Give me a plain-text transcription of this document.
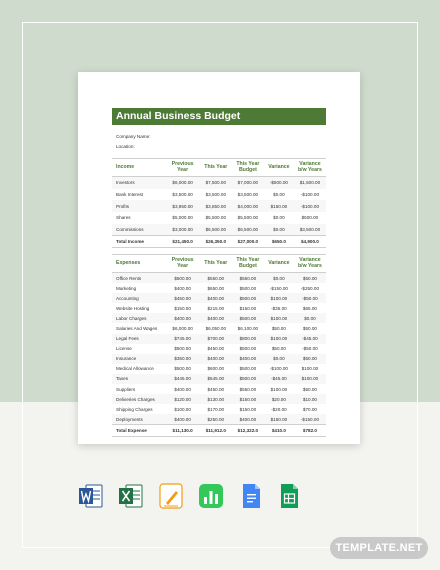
Annual Business Budget
Company Name:
Location:
Income	Previous Year	This Year	This Year Budget	Variance	Variance b/w Years
Investors	$6,000.00	$7,500.00	$7,000.00	-$500.00	$1,500.00
Bank Interest	$3,500.00	$3,500.00	$3,500.00	$0.00	-$100.00
Profits	$3,950.00	$3,850.00	$4,000.00	$150.00	-$100.00
Shares	$5,000.00	$5,500.00	$5,500.00	$0.00	$500.00
Commissions	$3,000.00	$6,500.00	$6,500.00	$0.00	$3,500.00
Total Income	$21,450.0	$26,350.0	$27,000.0	$650.0	$4,900.0
Expenses	Previous Year	This Year	This Year Budget	Variance	Variance b/w Years
Office Rents	$500.00	$550.00	$550.00	$0.00	$50.00
Marketing	$400.00	$650.00	$500.00	-$150.00	-$250.00
Accounting	$450.00	$400.00	$500.00	$100.00	-$50.00
Website Hosting	$150.00	$215.00	$150.00	-$35.00	$65.00
Labor Charges	$400.00	$400.00	$500.00	$100.00	$0.00
Salaries And Wages	$6,000.00	$6,050.00	$6,100.00	$50.00	$50.00
Legal Fees	$745.00	$700.00	$800.00	$100.00	-$45.00
License	$500.00	$450.00	$500.00	$50.00	-$50.00
Insurance	$350.00	$400.00	$400.00	$0.00	$50.00
Medical Allowance	$500.00	$600.00	$500.00	-$100.00	$100.00
Taxes	$445.00	$545.00	$500.00	-$45.00	$100.00
Suppliers	$400.00	$450.00	$550.00	$100.00	$50.00
Deliveries Charges	$120.00	$130.00	$150.00	$20.00	$10.00
Shipping Charges	$100.00	$170.00	$150.00	-$20.00	$70.00
Deployments	$400.00	$250.00	$400.00	$150.00	-$150.00
Total Expense	$11,130.0	$11,912.0	$12,322.0	$410.0	$782.0
TEMPLATE.NET
